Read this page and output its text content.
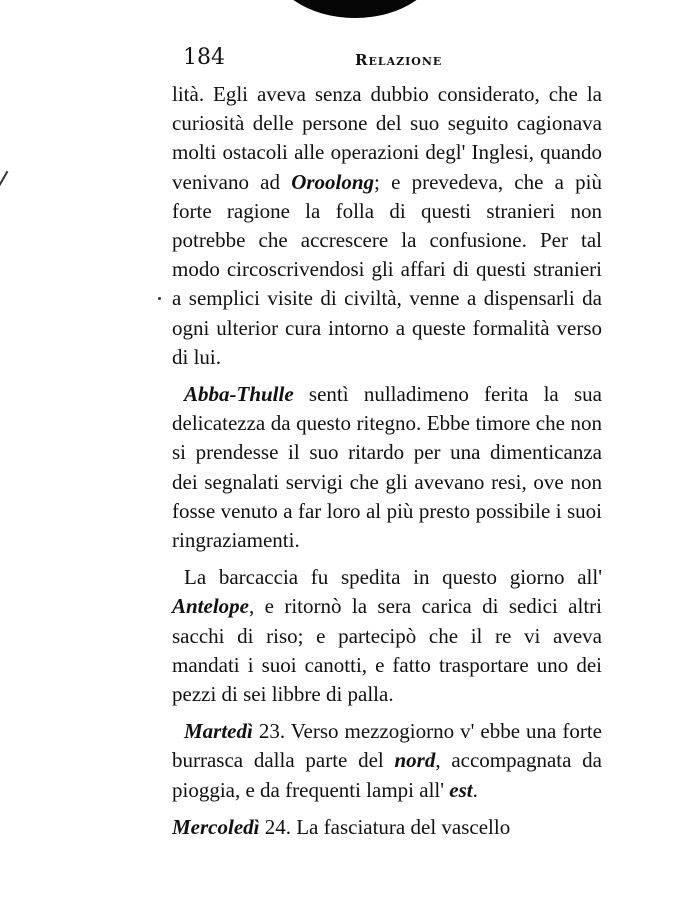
184	Relazione

lità. Egli aveva senza dubbio considerato, che la curiosità delle persone del suo seguito cagionava molti ostacoli alle operazioni degl' Inglesi, quando venivano ad Oroolong; e prevedeva, che a più forte ragione la folla di questi stranieri non potrebbe che accrescere la confusione. Per tal modo circoscrivendosi gli affari di questi stranieri a semplici visite di civiltà, venne a dispensarli da ogni ulterior cura intorno a queste formalità verso di lui.

Abba-Thulle sentì nulladimeno ferita la sua delicatezza da questo ritegno. Ebbe timore che non si prendesse il suo ritardo per una dimenticanza dei segnalati servigi che gli avevano resi, ove non fosse venuto a far loro al più presto possibile i suoi ringraziamenti.

La barcaccia fu spedita in questo giorno all' Antelope, e ritornò la sera carica di sedici altri sacchi di riso; e partecipò che il re vi aveva mandati i suoi canotti, e fatto trasportare uno dei pezzi di sei libbre di palla.

Martedì 23. Verso mezzogiorno v' ebbe una forte burrasca dalla parte del nord, accompagnata da pioggia, e da frequenti lampi all' est.

Mercoledì 24. La fasciatura del vascello
